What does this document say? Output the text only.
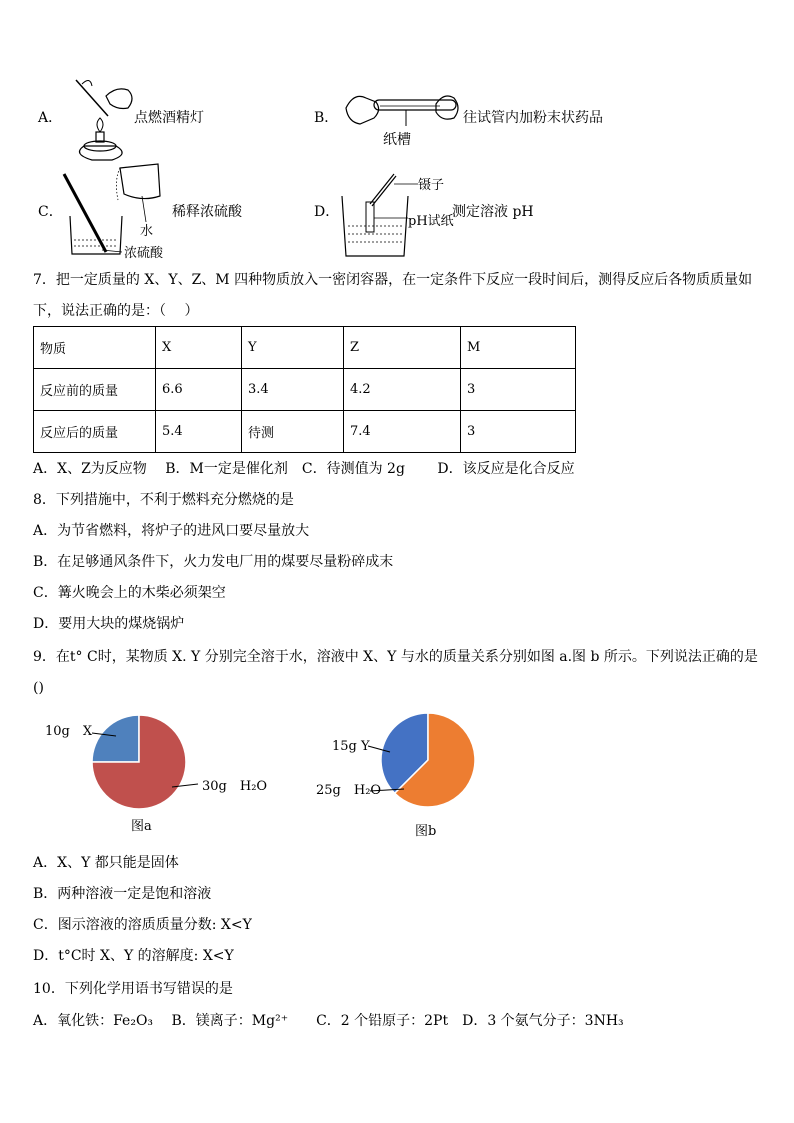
A．	点燃酒精灯	B．
纸槽
往试管内加粉末状药品
C．
水
浓硫酸
稀释浓硫酸	D．
镊子
pH试纸
测定溶液 pH
7．把一定质量的 X、Y、Z、M 四种物质放入一密闭容器，在一定条件下反应一段时间后，测得反应后各物质质量如
下，说法正确的是：（　 ）
物质	X	Y	Z	M
反应前的质量	6.6	3.4	4.2	3
反应后的质量	5.4	待测	7.4	3
A．X、Z为反应物　 B．M一定是催化剂　C．待测值为 2g　　 D．该反应是化合反应
8．下列措施中，不利于燃料充分燃烧的是
A．为节省燃料，将炉子的进风口要尽量放大
B．在足够通风条件下，火力发电厂用的煤要尽量粉碎成末
C．篝火晚会上的木柴必须架空
D．要用大块的煤烧锅炉
9．在t° C时，某物质 X. Y 分别完全溶于水，溶液中 X、Y 与水的质量关系分别如图 a.图 b 所示。下列说法正确的是
()
10g　X
30g　H₂O
图a
15g Y
25g　H₂O
图b
A．X、Y 都只能是固体
B．两种溶液一定是饱和溶液
C．图示溶液的溶质质量分数: X<Y
D．t°C时 X、Y 的溶解度: X<Y
10．下列化学用语书写错误的是
A．氧化铁：Fe₂O₃　 B．镁离子：Mg²⁺　　C．2 个铅原子：2Pt　D．3 个氨气分子：3NH₃
